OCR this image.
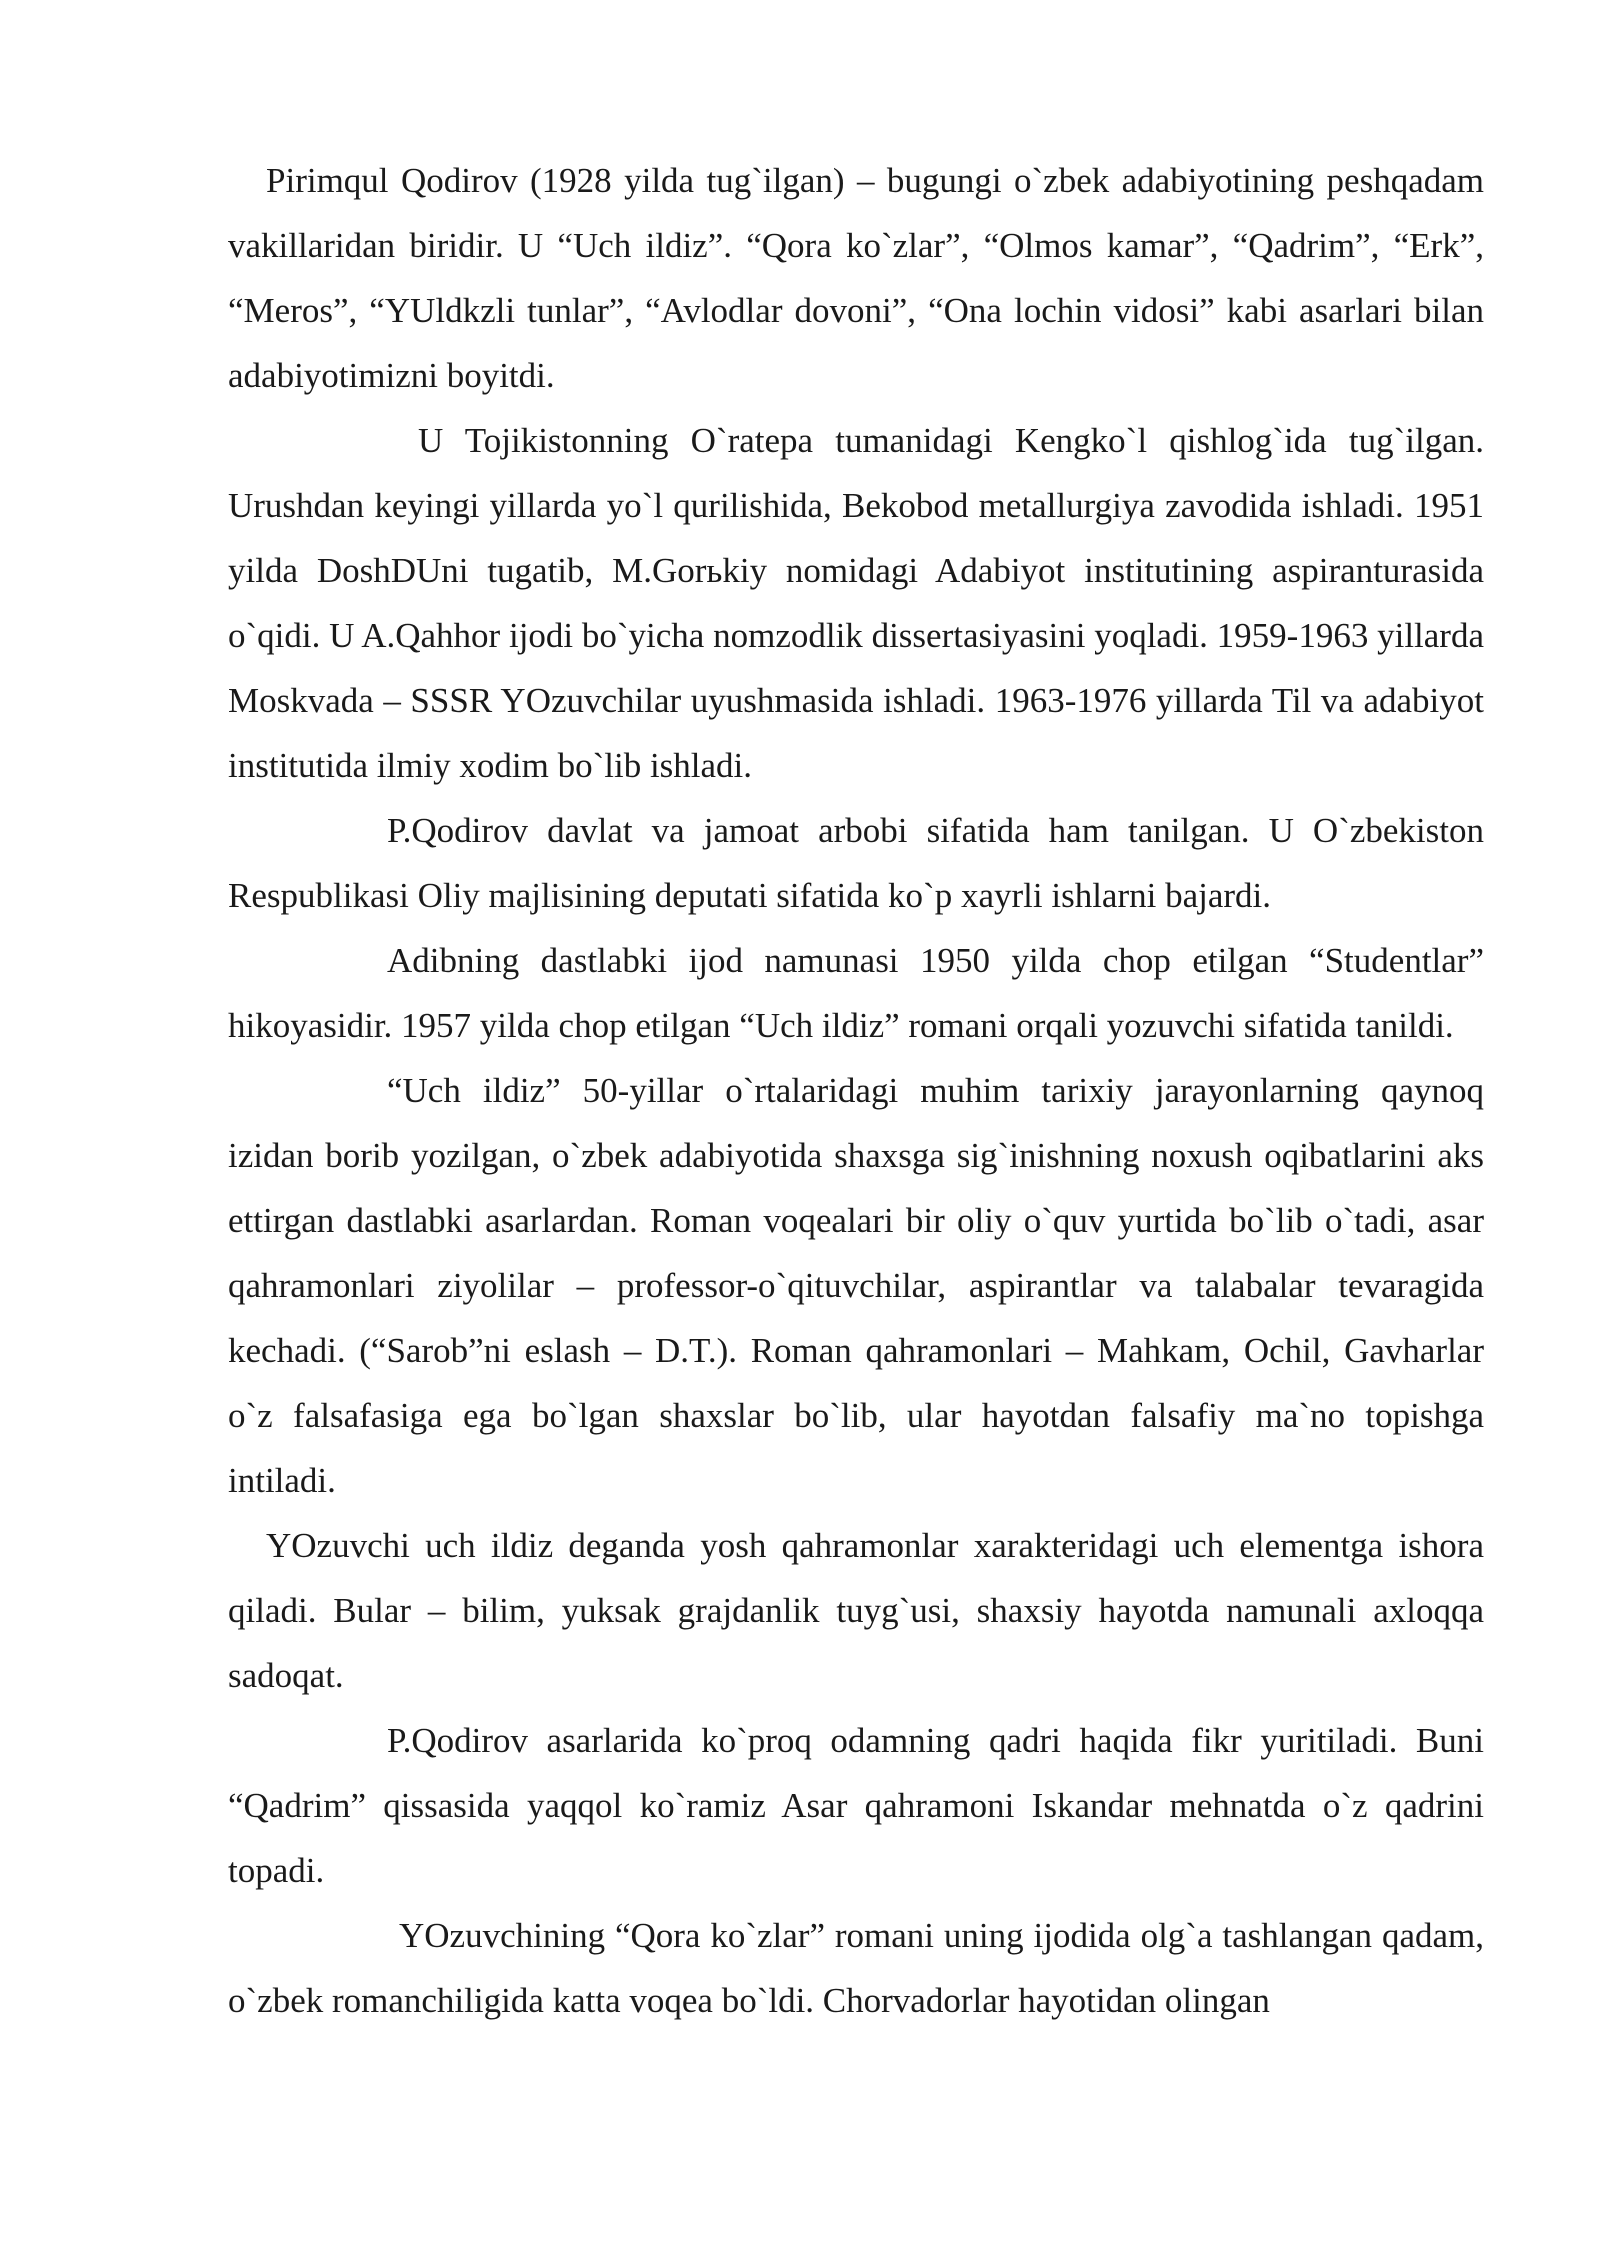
Pirimqul Qodirov (1928 yilda tug`ilgan) – bugungi o`zbek adabiyotining peshqadam vakillaridan biridir. U “Uch ildiz”. “Qora ko`zlar”, “Olmos kamar”, “Qadrim”, “Erk”, “Meros”, “YUldkzli tunlar”, “Avlodlar dovoni”, “Ona lochin vidosi” kabi asarlari bilan adabiyotimizni boyitdi.

U Tojikistonning O`ratepa tumanidagi Kengko`l qishlog`ida tug`ilgan. Urushdan keyingi yillarda yo`l qurilishida, Bekobod metallurgiya zavodida ishladi. 1951 yilda DoshDUni tugatib, M.Gorьkiy nomidagi Adabiyot institutining aspiranturasida o`qidi. U A.Qahhor ijodi bo`yicha nomzodlik dissertasiyasini yoqladi. 1959-1963 yillarda Moskvada – SSSR YOzuvchilar uyushmasida ishladi. 1963-1976 yillarda Til va adabiyot institutida ilmiy xodim bo`lib ishladi.

P.Qodirov davlat va jamoat arbobi sifatida ham tanilgan. U O`zbekiston Respublikasi Oliy majlisining deputati sifatida ko`p xayrli ishlarni bajardi.

Adibning dastlabki ijod namunasi 1950 yilda chop etilgan “Studentlar” hikoyasidir. 1957 yilda chop etilgan “Uch ildiz” romani orqali yozuvchi sifatida tanildi.

“Uch ildiz” 50-yillar o`rtalaridagi muhim tarixiy jarayonlarning qaynoq izidan borib yozilgan, o`zbek adabiyotida shaxsga sig`inishning noxush oqibatlarini aks ettirgan dastlabki asarlardan. Roman voqealari bir oliy o`quv yurtida bo`lib o`tadi, asar qahramonlari ziyolilar – professor-o`qituvchilar, aspirantlar va talabalar tevaragida kechadi. (“Sarob”ni eslash – D.T.). Roman qahramonlari – Mahkam, Ochil, Gavharlar o`z falsafasiga ega bo`lgan shaxslar bo`lib, ular hayotdan falsafiy ma`no topishga intiladi.

YOzuvchi uch ildiz deganda yosh qahramonlar xarakteridagi uch elementga ishora qiladi. Bular – bilim, yuksak grajdanlik tuyg`usi, shaxsiy hayotda namunali axloqqa sadoqat.

P.Qodirov asarlarida ko`proq odamning qadri haqida fikr yuritiladi. Buni “Qadrim” qissasida yaqqol ko`ramiz Asar qahramoni Iskandar mehnatda o`z qadrini topadi.

YOzuvchining “Qora ko`zlar” romani uning ijodida olg`a tashlangan qadam, o`zbek romanchiligida katta voqea bo`ldi. Chorvadorlar hayotidan olingan
